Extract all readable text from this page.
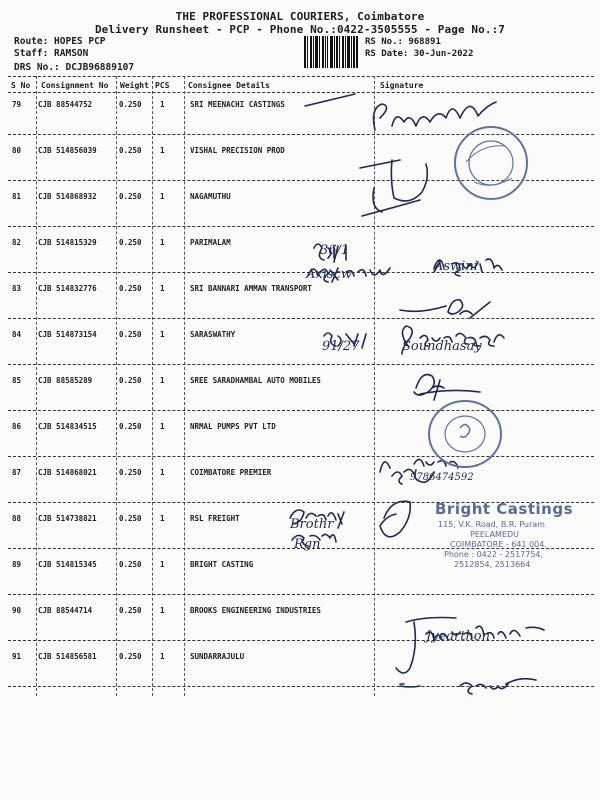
THE PROFESSIONAL COURIERS, Coimbatore
Delivery Runsheet - PCP - Phone No.:0422-3505555 - Page No.:7
Route: HOPES PCP
Staff: RAMSON
DRS No.: DCJB96889107
RS No.: 968891
RS Date: 30-Jun-2022
S No Consignment No Weight PCS Consignee Details	Signature
79 CJB 88544752	0.250 1	SRI MEENACHI CASTINGS
80 CJB 514856039	0.250 1	VISHAL PRECISION PROD
81 CJB 514868932	0.250 1	NAGAMUTHU
82 CJB 514815329	0.250 1	PARIMALAM
83 CJB 514832776	0.250 1	SRI BANNARI AMMAN TRANSPORT
84 CJB 514873154	0.250 1	SARASWATHY
85 CJB 88585289	0.250 1	SREE SARADHAMBAL AUTO MOBILES
86 CJB 514834515	0.250 1	NRMAL PUMPS PVT LTD
87 CJB 514868021	0.250 1	COIMBATORE PREMIER
88 CJB 514738821	0.250 1	RSL FREIGHT
89 CJB 514815345	0.250 1	BRIGHT CASTING
90 CJB 88544714	0.250 1	BROOKS ENGINEERING INDUSTRIES
91 CJB 514856581	0.250 1	SUNDARRAJULU
36/1
Axiscw
Aswini
91/27	Soundhasay
9786474592
Brothr
Rgn
Jyearthon
Bright Castings
115, V.K. Road, B.R. Puram
PEELAMEDU
COIMBATORE - 641 004.
Phone : 0422 - 2517754,
2512854, 2513664
